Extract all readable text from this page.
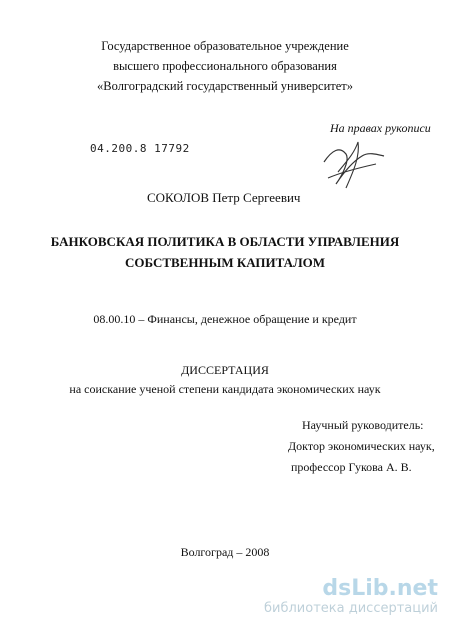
Государственное образовательное учреждение
высшего профессионального образования
«Волгоградский государственный университет»
На правах рукописи
04.200.8 17792
СОКОЛОВ Петр Сергеевич
БАНКОВСКАЯ ПОЛИТИКА В ОБЛАСТИ УПРАВЛЕНИЯ
СОБСТВЕННЫМ КАПИТАЛОМ
08.00.10 – Финансы, денежное обращение и кредит
ДИССЕРТАЦИЯ
на соискание ученой степени кандидата экономических наук
Научный руководитель:
Доктор экономических наук,
профессор Гукова А. В.
Волгоград – 2008
dsLib.net
библиотека диссертаций
